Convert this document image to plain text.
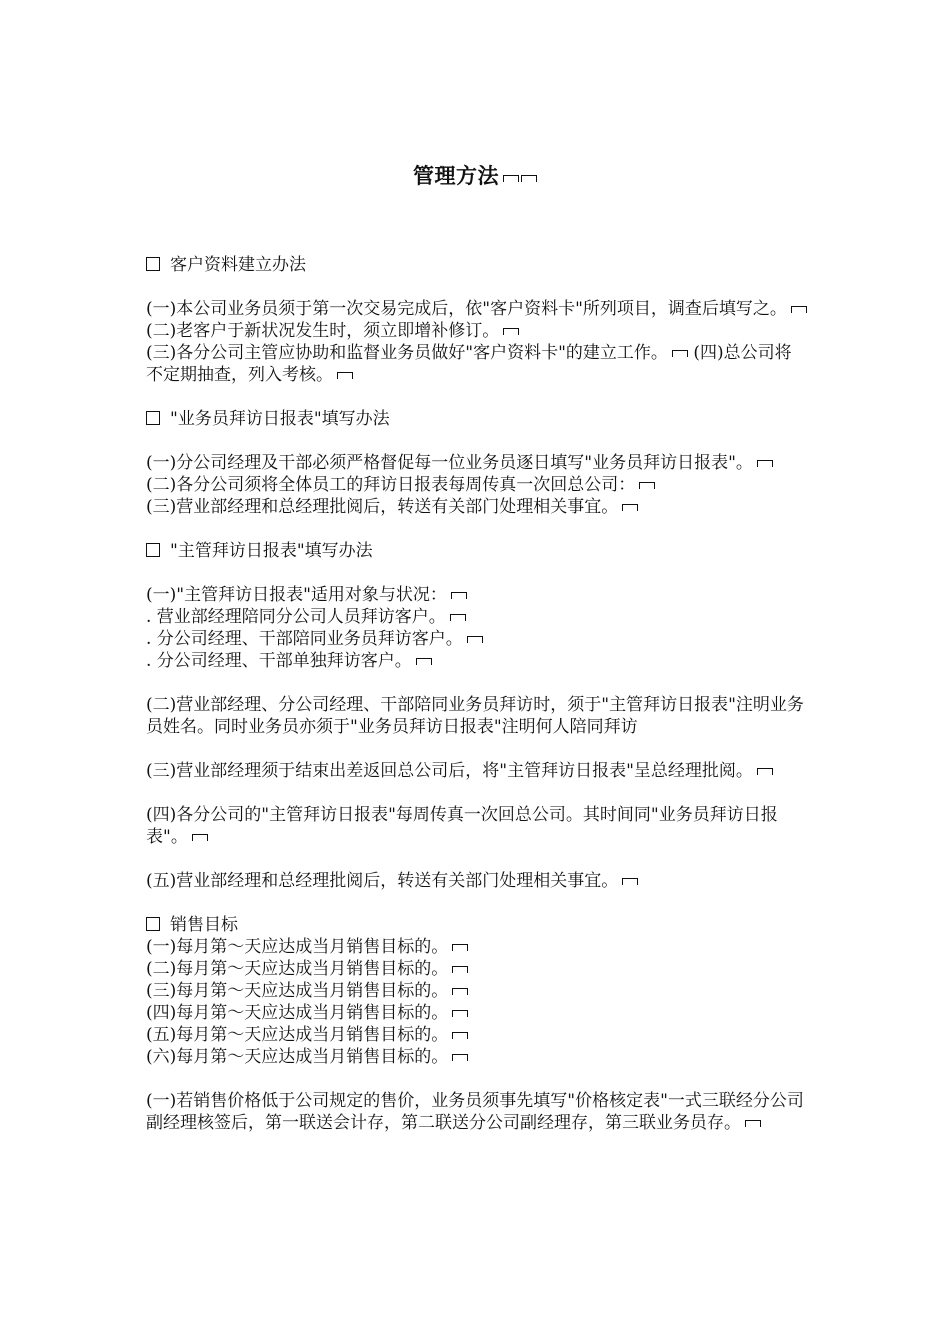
管理方法

客户资料建立办法

(一)本公司业务员须于第一次交易完成后，依"客户资料卡"所列项目，调查后填写之。

(二)老客户于新状况发生时，须立即增补修订。

(三)各分公司主管应协助和监督业务员做好"客户资料卡"的建立工作。 (四)总公司将不定期抽查，列入考核。

"业务员拜访日报表"填写办法

(一)分公司经理及干部必须严格督促每一位业务员逐日填写"业务员拜访日报表"。

(二)各分公司须将全体员工的拜访日报表每周传真一次回总公司：

(三)营业部经理和总经理批阅后，转送有关部门处理相关事宜。

"主管拜访日报表"填写办法

(一)"主管拜访日报表"适用对象与状况：

. 营业部经理陪同分公司人员拜访客户。

. 分公司经理、干部陪同业务员拜访客户。

. 分公司经理、干部单独拜访客户。

(二)营业部经理、分公司经理、干部陪同业务员拜访时，须于"主管拜访日报表"注明业务员姓名。同时业务员亦须于"业务员拜访日报表"注明何人陪同拜访

(三)营业部经理须于结束出差返回总公司后，将"主管拜访日报表"呈总经理批阅。

(四)各分公司的"主管拜访日报表"每周传真一次回总公司。其时间同"业务员拜访日报表"。

(五)营业部经理和总经理批阅后，转送有关部门处理相关事宜。

销售目标

(一)每月第～天应达成当月销售目标的。

(二)每月第～天应达成当月销售目标的。

(三)每月第～天应达成当月销售目标的。

(四)每月第～天应达成当月销售目标的。

(五)每月第～天应达成当月销售目标的。

(六)每月第～天应达成当月销售目标的。

(一)若销售价格低于公司规定的售价，业务员须事先填写"价格核定表"一式三联经分公司副经理核签后，第一联送会计存，第二联送分公司副经理存，第三联业务员存。
